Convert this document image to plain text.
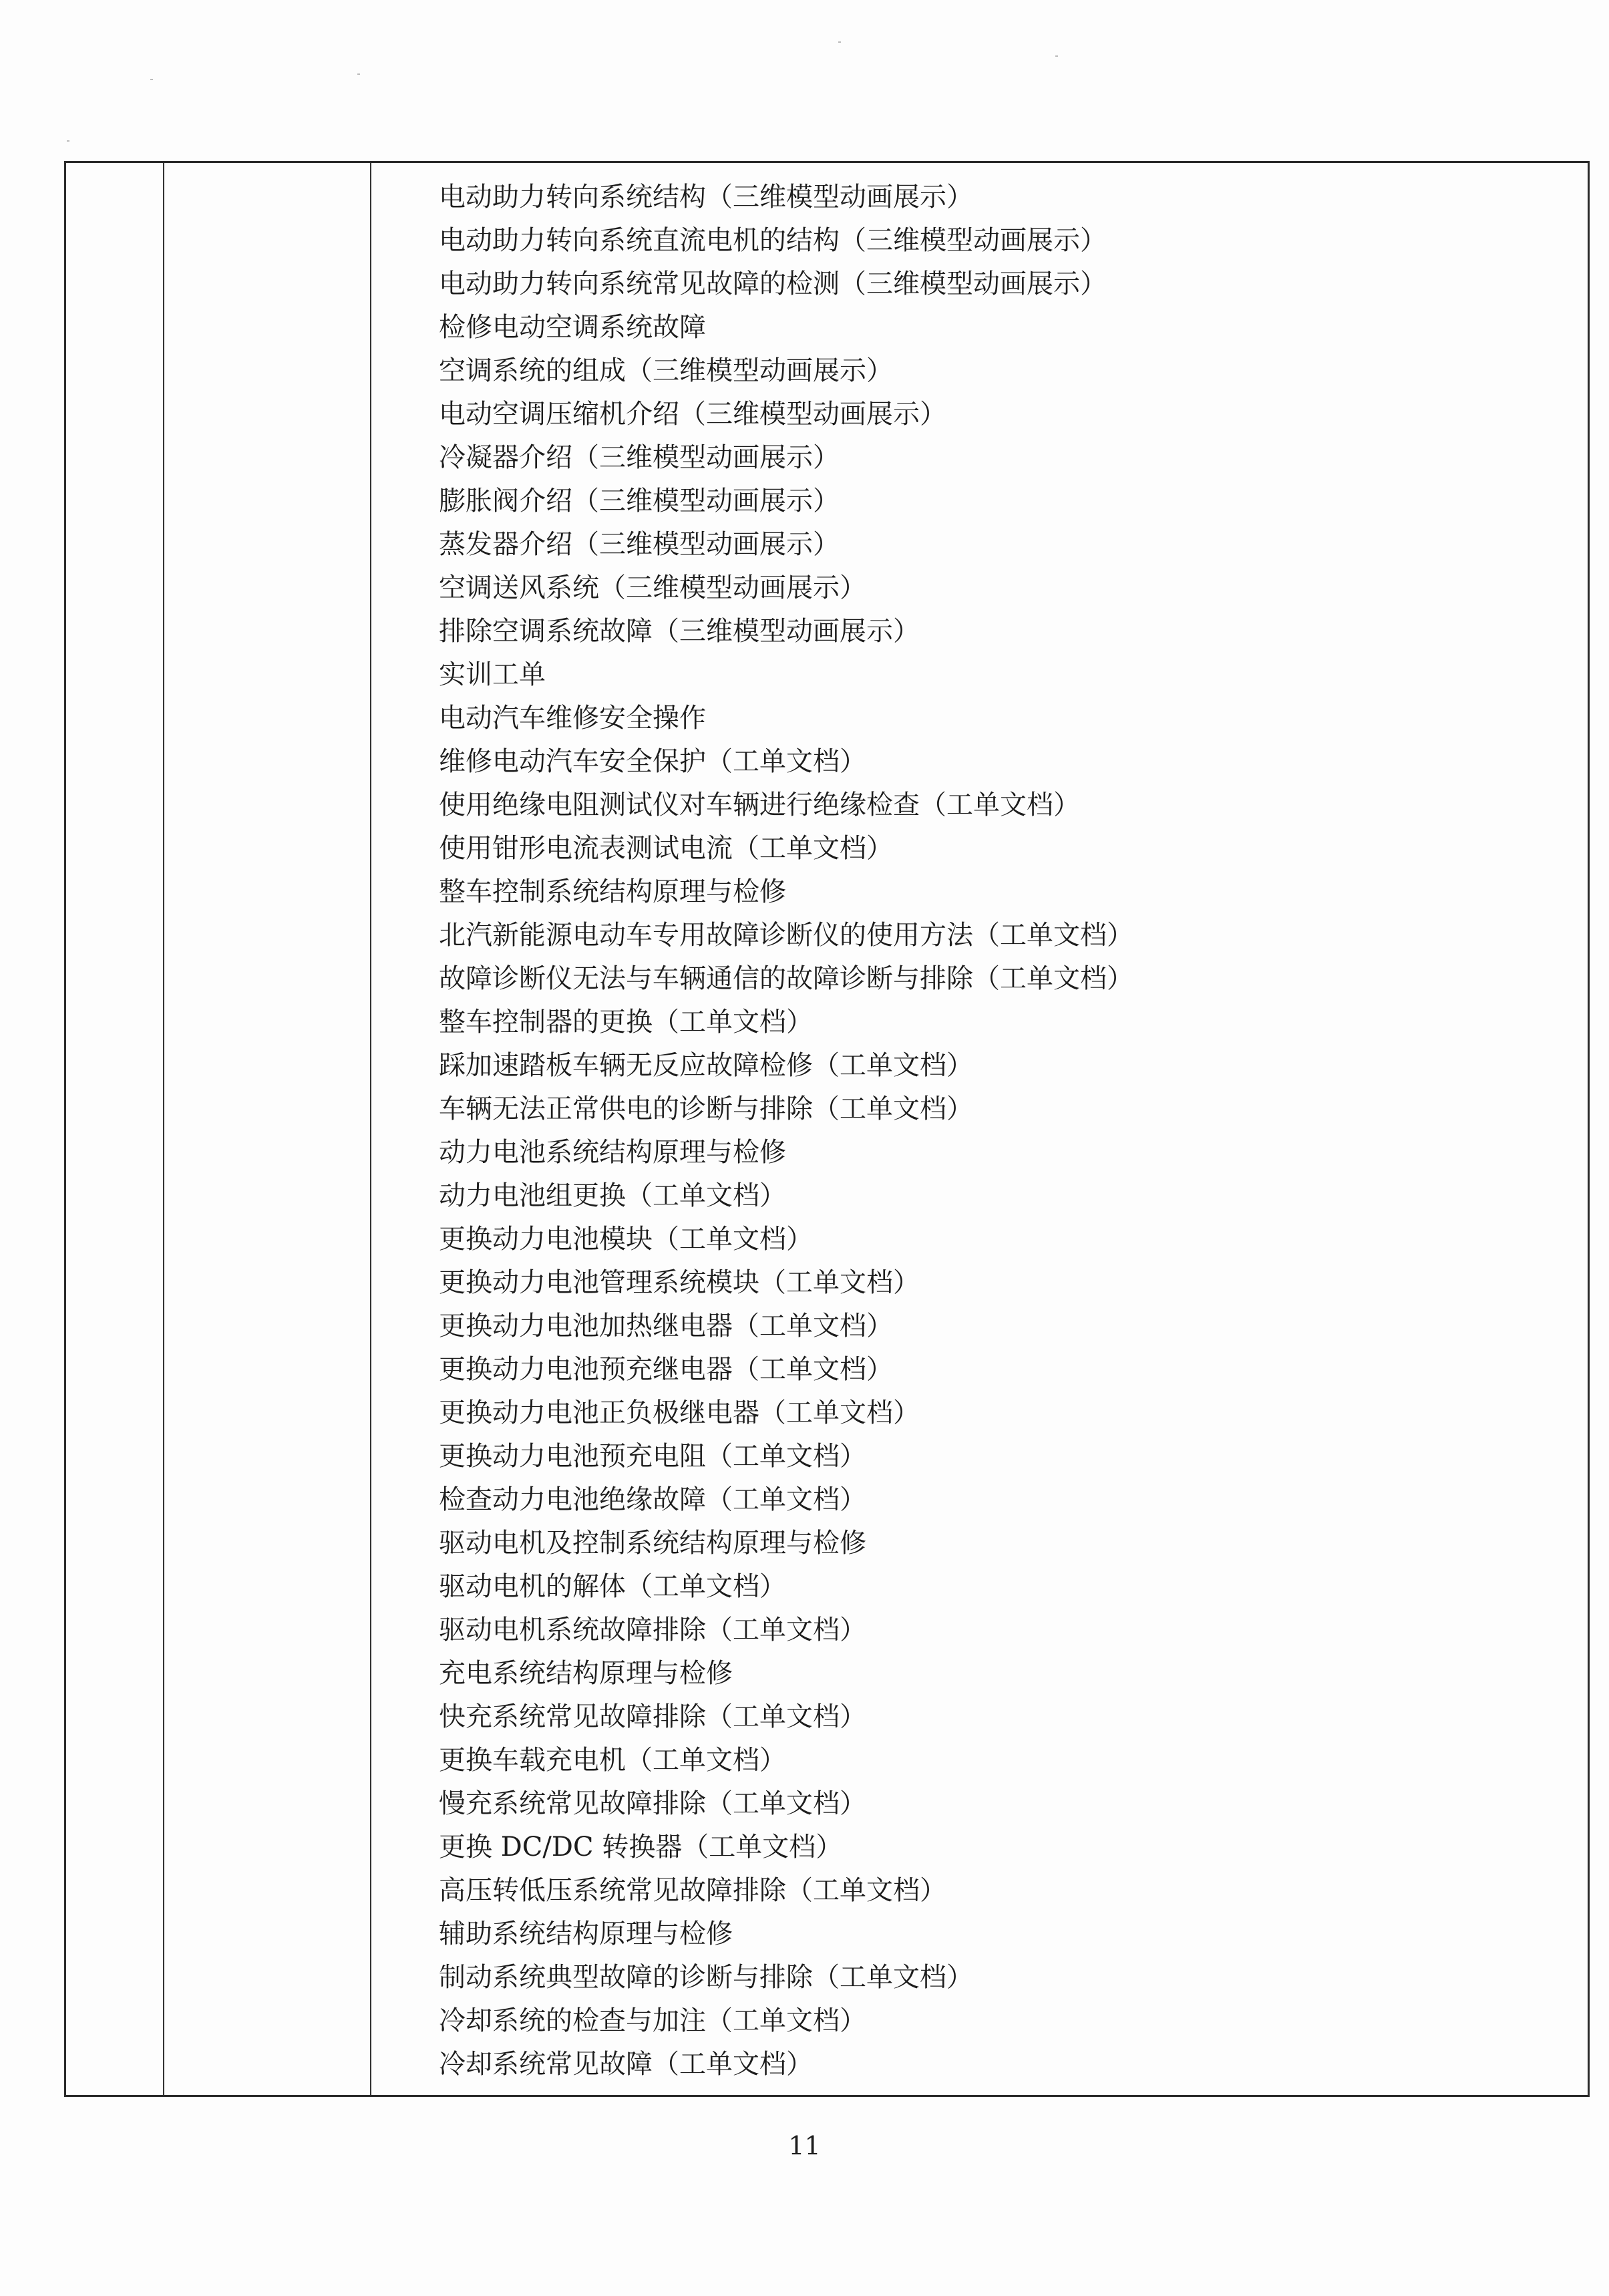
电动助力转向系统结构（三维模型动画展示）
电动助力转向系统直流电机的结构（三维模型动画展示）
电动助力转向系统常见故障的检测（三维模型动画展示）
检修电动空调系统故障
空调系统的组成（三维模型动画展示）
电动空调压缩机介绍（三维模型动画展示）
冷凝器介绍（三维模型动画展示）
膨胀阀介绍（三维模型动画展示）
蒸发器介绍（三维模型动画展示）
空调送风系统（三维模型动画展示）
排除空调系统故障（三维模型动画展示）
实训工单
电动汽车维修安全操作
维修电动汽车安全保护（工单文档）
使用绝缘电阻测试仪对车辆进行绝缘检查（工单文档）
使用钳形电流表测试电流（工单文档）
整车控制系统结构原理与检修
北汽新能源电动车专用故障诊断仪的使用方法（工单文档）
故障诊断仪无法与车辆通信的故障诊断与排除（工单文档）
整车控制器的更换（工单文档）
踩加速踏板车辆无反应故障检修（工单文档）
车辆无法正常供电的诊断与排除（工单文档）
动力电池系统结构原理与检修
动力电池组更换（工单文档）
更换动力电池模块（工单文档）
更换动力电池管理系统模块（工单文档）
更换动力电池加热继电器（工单文档）
更换动力电池预充继电器（工单文档）
更换动力电池正负极继电器（工单文档）
更换动力电池预充电阻（工单文档）
检查动力电池绝缘故障（工单文档）
驱动电机及控制系统结构原理与检修
驱动电机的解体（工单文档）
驱动电机系统故障排除（工单文档）
充电系统结构原理与检修
快充系统常见故障排除（工单文档）
更换车载充电机（工单文档）
慢充系统常见故障排除（工单文档）
更换 DC/DC 转换器（工单文档）
高压转低压系统常见故障排除（工单文档）
辅助系统结构原理与检修
制动系统典型故障的诊断与排除（工单文档）
冷却系统的检查与加注（工单文档）
冷却系统常见故障（工单文档）
11
